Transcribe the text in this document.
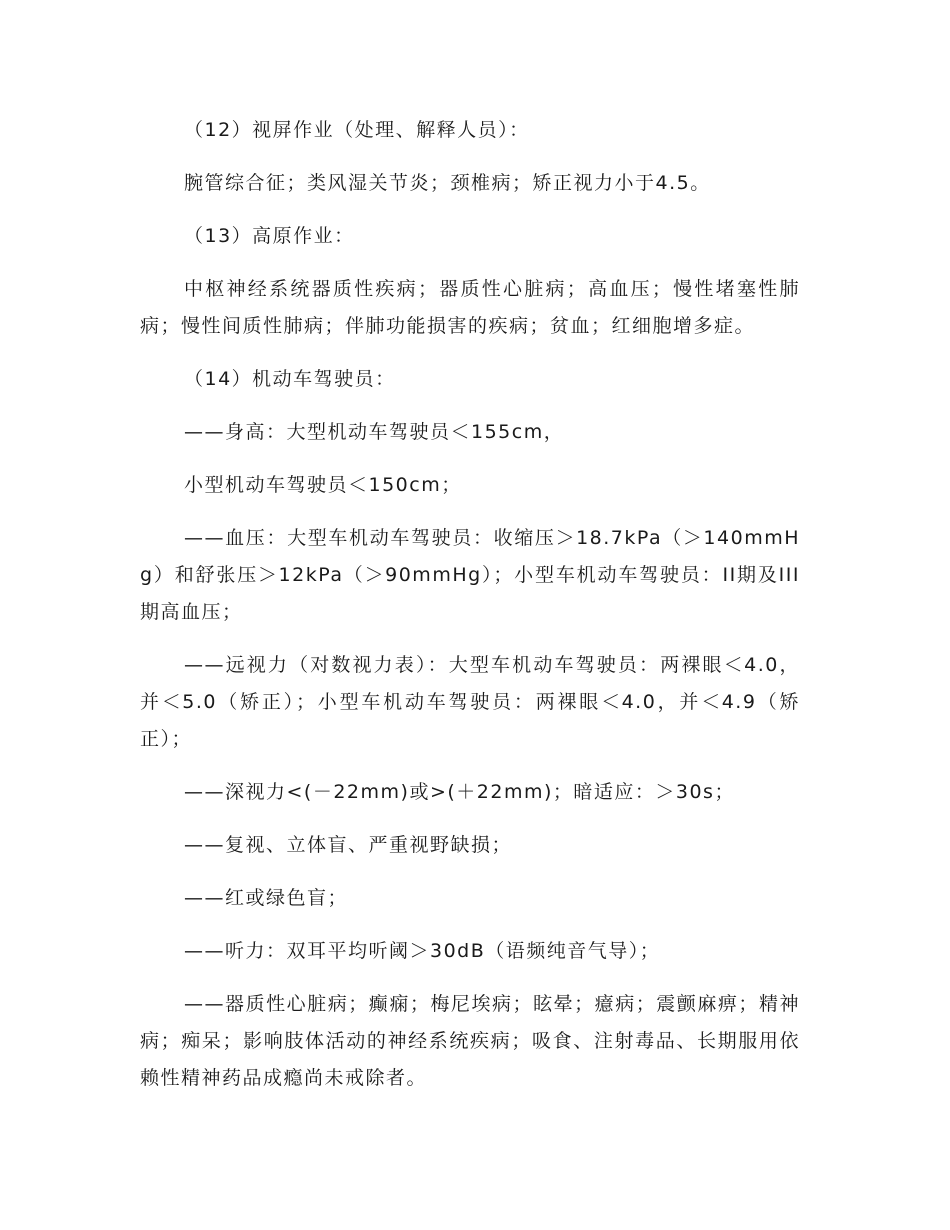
（12）视屏作业（处理、解释人员）：

腕管综合征；类风湿关节炎；颈椎病；矫正视力小于4.5。

（13）高原作业：

中枢神经系统器质性疾病；器质性心脏病；高血压；慢性堵塞性肺病；慢性间质性肺病；伴肺功能损害的疾病；贫血；红细胞增多症。

（14）机动车驾驶员：

——身高：大型机动车驾驶员＜155cm，

小型机动车驾驶员＜150cm；

——血压：大型车机动车驾驶员：收缩压＞18.7kPa（＞140mmHg）和舒张压＞12kPa（＞90mmHg）；小型车机动车驾驶员：II期及III期高血压；

——远视力（对数视力表）：大型车机动车驾驶员：两裸眼＜4.0，并＜5.0（矫正）；小型车机动车驾驶员：两裸眼＜4.0，并＜4.9（矫正）；

——深视力<(－22mm)或>(＋22mm)；暗适应：＞30s；

——复视、立体盲、严重视野缺损；

——红或绿色盲；

——听力：双耳平均听阈＞30dB（语频纯音气导）；

——器质性心脏病；癫痫；梅尼埃病；眩晕；癔病；震颤麻痹；精神病；痴呆；影响肢体活动的神经系统疾病；吸食、注射毒品、长期服用依赖性精神药品成瘾尚未戒除者。
